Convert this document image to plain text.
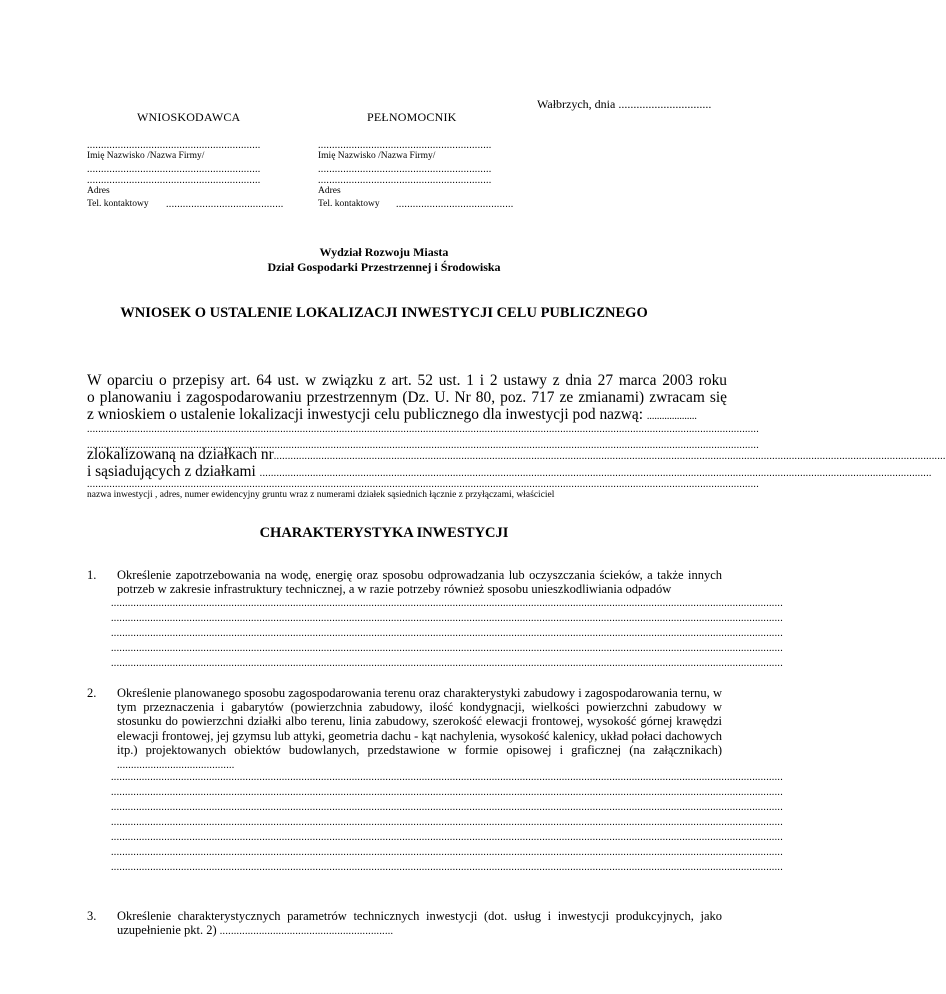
Wałbrzych, dnia ...............................
WNIOSKODAWCA
..............................................................
Imię Nazwisko /Nazwa Firmy/
..............................................................
..............................................................
Adres
Tel. kontaktowy ..........................................
PEŁNOMOCNIK
..............................................................
Imię Nazwisko /Nazwa Firmy/
..............................................................
..............................................................
Adres
Tel. kontaktowy ..........................................
Wydział Rozwoju Miasta
Dział Gospodarki Przestrzennej i Środowiska
WNIOSEK O USTALENIE LOKALIZACJI INWESTYCJI CELU PUBLICZNEGO
W oparciu o przepisy art. 64 ust. w związku z art. 52 ust. 1 i 2 ustawy z dnia 27 marca 2003 roku
o planowaniu i zagospodarowaniu przestrzennym (Dz. U. Nr 80, poz. 717 ze zmianami) zwracam się
z wnioskiem o ustalenie lokalizacji inwestycji celu publicznego dla inwestycji pod nazwą: ....................
................................................................................................................................................................................................................................................
................................................................................................................................................................................................................................................
zlokalizowaną na działkach nr................................................................................................................................................................................................................................................
i sąsiadujących z działkami ................................................................................................................................................................................................................................................
................................................................................................................................................................................................................................................
nazwa inwestycji , adres, numer ewidencyjny gruntu wraz z numerami działek sąsiednich łącznie z przyłączami, właściciel
CHARAKTERYSTYKA INWESTYCJI
1. Określenie zapotrzebowania na wodę, energię oraz sposobu odprowadzania lub oczyszczania ścieków, a także innych potrzeb w zakresie infrastruktury technicznej, a w razie potrzeby również sposobu unieszkodliwiania odpadów
................................................................................................................................................................................................................................................
................................................................................................................................................................................................................................................
................................................................................................................................................................................................................................................
................................................................................................................................................................................................................................................
................................................................................................................................................................................................................................................
2. Określenie planowanego sposobu zagospodarowania terenu oraz charakterystyki zabudowy i zagospodarowania ternu, w tym przeznaczenia i gabarytów (powierzchnia zabudowy, ilość kondygnacji, wielkości powierzchni zabudowy w stosunku do powierzchni działki albo terenu, linia zabudowy, szerokość elewacji frontowej, wysokość górnej krawędzi elewacji frontowej, jej gzymsu lub attyki, geometria dachu - kąt nachylenia, wysokość kalenicy, układ połaci dachowych itp.) projektowanych obiektów budowlanych, przedstawione w formie opisowej i graficznej (na załącznikach) ..........................................
................................................................................................................................................................................................................................................
................................................................................................................................................................................................................................................
................................................................................................................................................................................................................................................
................................................................................................................................................................................................................................................
................................................................................................................................................................................................................................................
................................................................................................................................................................................................................................................
................................................................................................................................................................................................................................................
3. Określenie charakterystycznych parametrów technicznych inwestycji (dot. usług i inwestycji produkcyjnych, jako uzupełnienie pkt. 2) ..............................................................
